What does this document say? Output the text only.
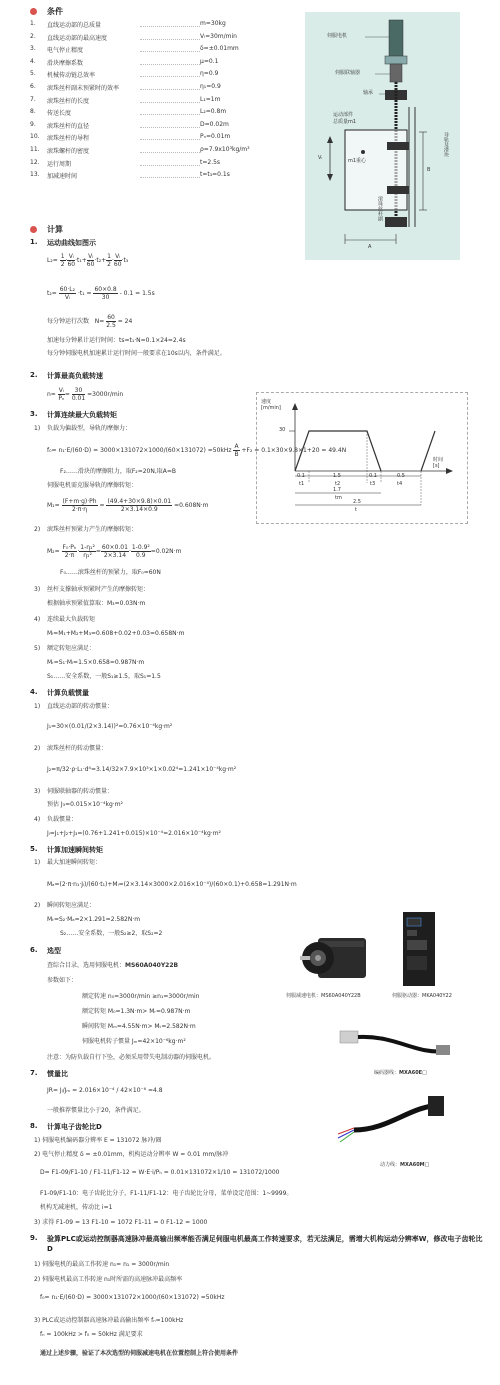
条件
1. 直线运动部的总质量	m=30kg
2. 直线运动部的最高速度	Vₗ=30m/min
3. 电气停止精度	δ=±0.01mm
4. 滑块摩擦系数	μ=0.1
5. 机械传动链总效率	η=0.9
6. 滚珠丝杆副未预紧时的效率	η₁=0.9
7. 滚珠丝杆的长度	L₁=1m
8. 传送长度	L₂=0.8m
9. 滚珠丝杆的直径	D=0.02m
10. 滚珠丝杆的导程	Pₙ=0.01m
11. 滚珠螺杆的密度	ρ=7.9x10³kg/m³
12. 运行周期	t=2.5s
13. 加减速时间	t=t₃=0.1s
伺服电机
伺服联轴器
轴承
运动部件
总质量m1
m1重心
Vₗ
B
A
滚珠丝杆副
导轨及滑块
计算
1. 运动曲线如图示
$L_2= \frac{1}{2} \cdot \frac{\text{Vₗ}}{60} \cdot t_1+ \frac{\text{Vₗ}}{60} \cdot t_2+ \frac{1}{2} \cdot \frac{\text{Vₗ}}{60} \cdot t_3$
$t_2= \frac{\text{60·L₂}}{\text{Vₗ}} \cdot t_1 = \frac{60\times 0.8}{30} - 0.1 = 1.5s$
每分钟运行次数 $N= \frac{60}{2.5} = 24$
加速每分钟累计运行时间：ts=t₁·N=0.1×24=2.4s
每分钟伺服电机加速累计运行时间一般要求在10s以内，条件满足。
2. 计算最高负载转速
$n= \frac{\text{Vₗ}}{\text{Pₙ}} = \frac{30}{0.01} =3000r/\min$
3. 计算连续最大负载转矩
1) 负载为偏载型，导轨的摩擦力：
$f_0= n_1\cdot E/(60\cdot D) = 3000\times 131072\times 1000/(60\times 131072) =50kHz \frac{A}{B} +F_2 = 0.1\times 30\times 9.8\times 1+20 = 49.4N$
F₂……滑块的摩擦阻力，取F₂=20N,取A=B
伺服电机需克服导轨的摩擦转矩：
$M_1= \frac{(F+m\cdot g)\cdot Ph}{2\cdot\pi\cdot\eta} = \frac{(49.4+30\times 9.8)\times 0.01}{2\times 3.14\times 0.9} =0.608N\cdot m$
2) 滚珠丝杆预紧力产生的摩擦转矩：
$M_2= \frac{\text{F₀·Pₕ}}{2\cdot\pi} \cdot \frac{\text{1-η₁²}}{\text{η₁²}} = \frac{60\times 0.01}{2\times 3.14} \cdot \frac{\text{1-0.9²}}{0.9} =0.02N\cdot m$
F₀……滚珠丝杆的预紧力，取F₀=60N
3) 丝杆支撑轴承预紧时产生的摩擦转矩：
根据轴承预紧值算取：M₃=0.03N·m
4) 连续最大负载转矩
Mₗ=M₁+M₂+M₃=0.608+0.02+0.03=0.658N·m
5) 额定转矩应满足：
Mᵣ=S₁·Mₗ=1.5×0.658=0.987N·m
S₁……安全系数，一般S₁≥1.5，取S₁=1.5
速度
[m/min]
30
时间
[s]
0.1	1.5	0.1	0.5
t1	t2	t3	t4
1.7
tm
2.5
t
4. 计算负载惯量
1) 直线运动部的转动惯量：
J₁=30×(0.01/(2×3.14))²=0.76×10⁻⁴kg·m²
2) 滚珠丝杆的转动惯量：
J₂=π/32·ρ·L₁·d⁴=3.14/32×7.9×10³×1×0.02⁴=1.241×10⁻⁴kg·m²
3) 伺服联轴器的转动惯量：
预估 J₃=0.015×10⁻⁴kg·m²
4) 负载惯量：
Jₗ=J₁+J₂+J₃=(0.76+1.241+0.015)×10⁻⁴=2.016×10⁻⁴kg·m²
5. 计算加速瞬间转矩
1) 最大加速瞬间转矩：
Mₐ=(2·π·n₁·Jₗ)/(60·t₁)+Mₗ=(2×3.14×3000×2.016×10⁻⁴)/(60×0.1)+0.658=1.291N·m
2) 瞬间转矩应满足：
Mₜ=S₂·Mₐ=2×1.291=2.582N·m
S₂……安全系数，一般S₂≥2，取S₂=2
6. 选型
查综合目录，选用伺服电机：MS60A040Y22B
参数如下：
额定转速 n₀=3000r/min ≥n₁=3000r/min
额定转矩 M₀=1.3N·m> Mᵣ=0.987N·m
瞬间转矩 Mₘ=4.55N·m> Mₜ=2.582N·m
伺服电机转子惯量 Jₘ=42×10⁻⁶kg·m²
注意：为防负载自行下坠，必须采用带失电制动器的伺服电机。
伺服减速电机：MS60A040Y22B	伺服驱动器：MKA040Y22
编码器线：MXA60E□
动力线：MXA60M□
7. 惯量比
JR= Jₗ/Jₘ = 2.016×10⁻⁴ / 42×10⁻⁶ =4.8
一般推荐惯量比小于20，条件满足。
8. 计算电子齿轮比D
1) 伺服电机编码器分辨率 E = 131072 脉冲/圈
2) 电气停止精度 δ = ±0.01mm，机构运动分辨率 W = 0.01 mm/脉冲
D= F1-09/F1-10 / F1-11/F1-12 = W·E·i/Pₕ = 0.01×131072×1/10 = 131072/1000
F1-09/F1-10：电子齿轮比分子，F1-11/F1-12：电子齿轮比分母，菜单设定范围：1~9999。
机构无减速机，传动比 i=1
3) 求得 F1-09 = 13 F1-10 = 1072 F1-11 = 0 F1-12 = 1000
9. 验算PLC或运动控制器高速脉冲最高输出频率能否满足伺服电机最高工作转速要求，若无法满足，需增大机构运动分辨率W，修改电子齿轮比D
1) 伺服电机的最高工作转速 n₁= n₁ = 3000r/min
2) 伺服电机最高工作转速 n₁时所需的高速脉冲最高频率
f₀= n₁·E/(60·D) = 3000×131072×1000/(60×131072) =50kHz
3) PLC或运动控制器高速脉冲最高输出频率 fₙ=100kHz
fₙ = 100kHz > f₀ = 50kHz 满足要求
通过上述步骤，验证了本次选型的伺服减速电机在位置控制上符合使用条件
